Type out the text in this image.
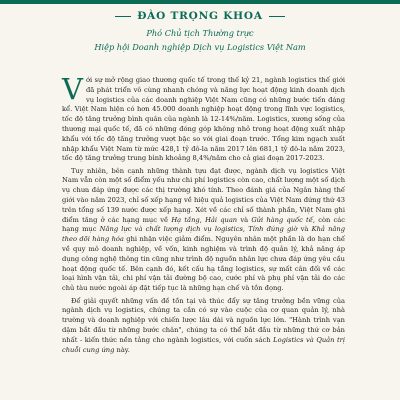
ĐÀO TRỌNG KHOA
Phó Chủ tịch Thường trực
Hiệp hội Doanh nghiệp Dịch vụ Logistics Việt Nam

Với sự mở rộng giao thương quốc tế trong thế kỷ 21, ngành logistics thế giới đã phát triển vô cùng nhanh chóng và năng lực hoạt động kinh doanh dịch vụ logistics của các doanh nghiệp Việt Nam cũng có những bước tiến đáng kể. Việt Nam hiện có hơn 45.000 doanh nghiệp hoạt động trong lĩnh vực logistics, tốc độ tăng trưởng bình quân của ngành là 12-14%/năm. Logistics, xương sống của thương mại quốc tế, đã có những đóng góp không nhỏ trong hoạt động xuất nhập khẩu với tốc độ tăng trưởng vượt bậc so với giai đoạn trước. Tổng kim ngạch xuất nhập khẩu Việt Nam từ mức 428,1 tỷ đô-la năm 2017 lên 681,1 tỷ đô-la năm 2023, tốc độ tăng trưởng trung bình khoảng 8,4%/năm cho cả giai đoạn 2017-2023.

Tuy nhiên, bên cạnh những thành tựu đạt được, ngành dịch vụ logistics Việt Nam vẫn còn một số điểm yếu như chi phí logistics còn cao, chất lượng một số dịch vụ chưa đáp ứng được các thị trường khó tính. Theo đánh giá của Ngân hàng thế giới vào năm 2023, chỉ số xếp hạng về hiệu quả logistics của Việt Nam đứng thứ 43 trên tổng số 139 nước được xếp hạng. Xét về các chỉ số thành phần, Việt Nam ghi điểm tăng ở các hạng mục về Hạ tầng, Hải quan và Gửi hàng quốc tế, còn các hạng mục Năng lực và chất lượng dịch vụ logistics, Tính đúng giờ và Khả năng theo dõi hàng hóa ghi nhận việc giảm điểm. Nguyên nhân một phần là do hạn chế về quy mô doanh nghiệp, về vốn, kinh nghiệm và trình độ quản lý, khả năng áp dụng công nghệ thông tin cũng như trình độ nguồn nhân lực chưa đáp ứng yêu cầu hoạt động quốc tế. Bên cạnh đó, kết cấu hạ tầng logistics, sự mất cân đối về các loại hình vận tải, chi phí vận tải đường bộ cao, cước phí và phụ phí vận tải do các chủ tàu nước ngoài áp đặt tiếp tục là những hạn chế và tồn đọng.

Để giải quyết những vấn đề tồn tại và thúc đẩy sự tăng trưởng bền vững của ngành dịch vụ logistics, chúng ta cần có sự vào cuộc của cơ quan quản lý, nhà trường và doanh nghiệp với chiến lược lâu dài và nguồn lực lớn. "Hành trình vạn dặm bắt đầu từ những bước chân", chúng ta có thể bắt đầu từ những thứ cơ bản nhất - kiến thức nền tảng cho ngành logistics, với cuốn sách Logistics và Quản trị chuỗi cung ứng này.
